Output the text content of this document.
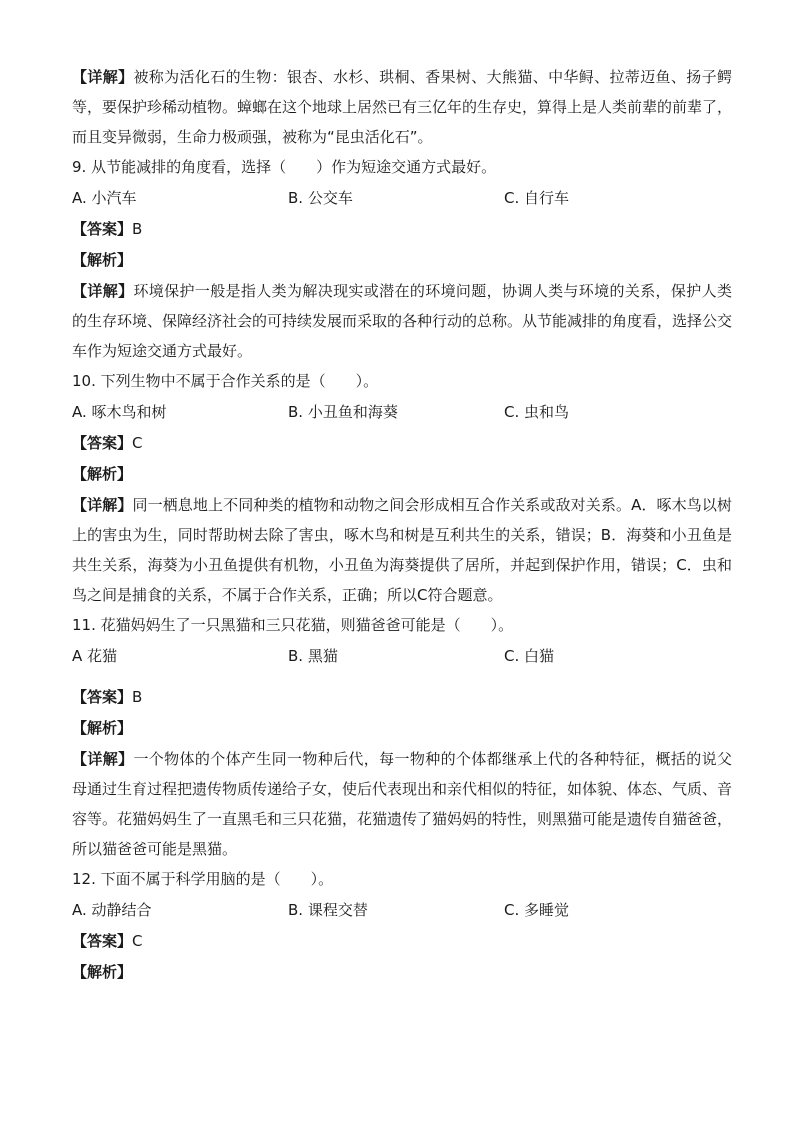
【详解】被称为活化石的生物：银杏、水杉、珙桐、香果树、大熊猫、中华鲟、拉蒂迈鱼、扬子鳄等，要保护珍稀动植物。蟑螂在这个地球上居然已有三亿年的生存史，算得上是人类前辈的前辈了，而且变异微弱，生命力极顽强，被称为“昆虫活化石”。

9. 从节能减排的角度看，选择（　　）作为短途交通方式最好。

A. 小汽车	B. 公交车	C. 自行车

【答案】B

【解析】

【详解】环境保护一般是指人类为解决现实或潜在的环境问题，协调人类与环境的关系，保护人类的生存环境、保障经济社会的可持续发展而采取的各种行动的总称。从节能减排的角度看，选择公交车作为短途交通方式最好。

10. 下列生物中不属于合作关系的是（　　）。

A. 啄木鸟和树	B. 小丑鱼和海葵	C. 虫和鸟

【答案】C

【解析】

【详解】同一栖息地上不同种类的植物和动物之间会形成相互合作关系或敌对关系。A．啄木鸟以树上的害虫为生，同时帮助树去除了害虫，啄木鸟和树是互利共生的关系，错误；B．海葵和小丑鱼是共生关系，海葵为小丑鱼提供有机物，小丑鱼为海葵提供了居所，并起到保护作用，错误；C．虫和鸟之间是捕食的关系，不属于合作关系，正确；所以C符合题意。

11. 花猫妈妈生了一只黑猫和三只花猫，则猫爸爸可能是（　　）。

A 花猫	B. 黑猫	C. 白猫

【答案】B

【解析】

【详解】一个物体的个体产生同一物种后代，每一物种的个体都继承上代的各种特征，概括的说父母通过生育过程把遗传物质传递给子女，使后代表现出和亲代相似的特征，如体貌、体态、气质、音容等。花猫妈妈生了一直黑毛和三只花猫，花猫遗传了猫妈妈的特性，则黑猫可能是遗传自猫爸爸，所以猫爸爸可能是黑猫。

12. 下面不属于科学用脑的是（　　）。

A. 动静结合	B. 课程交替	C. 多睡觉

【答案】C

【解析】
